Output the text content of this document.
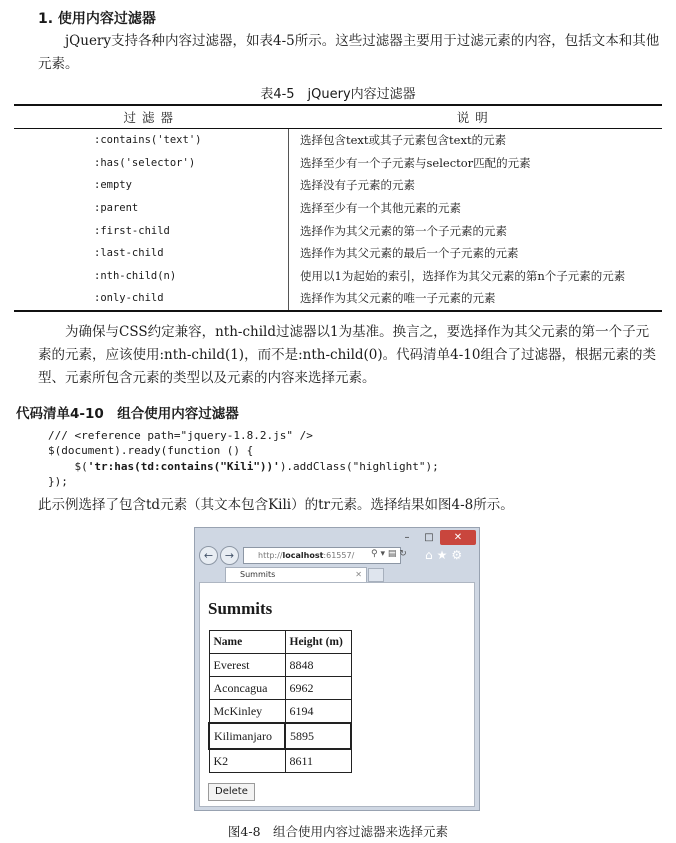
1. 使用内容过滤器
jQuery支持各种内容过滤器，如表4-5所示。这些过滤器主要用于过滤元素的内容，包括文本和其他元素。
表4-5　jQuery内容过滤器
过滤器	说明
:contains('text')	选择包含text或其子元素包含text的元素
:has('selector')	选择至少有一个子元素与selector匹配的元素
:empty	选择没有子元素的元素
:parent	选择至少有一个其他元素的元素
:first-child	选择作为其父元素的第一个子元素的元素
:last-child	选择作为其父元素的最后一个子元素的元素
:nth-child(n)	使用以1为起始的索引，选择作为其父元素的第n个子元素的元素
:only-child	选择作为其父元素的唯一子元素的元素
为确保与CSS约定兼容，nth-child过滤器以1为基准。换言之，要选择作为其父元素的第一个子元素的元素，应该使用:nth-child(1)，而不是:nth-child(0)。代码清单4-10组合了过滤器，根据元素的类型、元素所包含元素的类型以及元素的内容来选择元素。
代码清单4-10　组合使用内容过滤器
/// <reference path="jquery-1.8.2.js" />
$(document).ready(function () {
$('tr:has(td:contains("Kili"))').addClass("highlight");
});
此示例选择了包含td元素（其文本包含Kili）的tr元素。选择结果如图4-8所示。
–	□	✕
←	→	http://localhost:61557/	⚲ ▾ ▤ ↻ ⌂★⚙
Summits	✕
Summits
Name	Height (m)
Everest	8848
Aconcagua	6962
McKinley	6194
Kilimanjaro	5895
K2	8611
Delete
图4-8　组合使用内容过滤器来选择元素
